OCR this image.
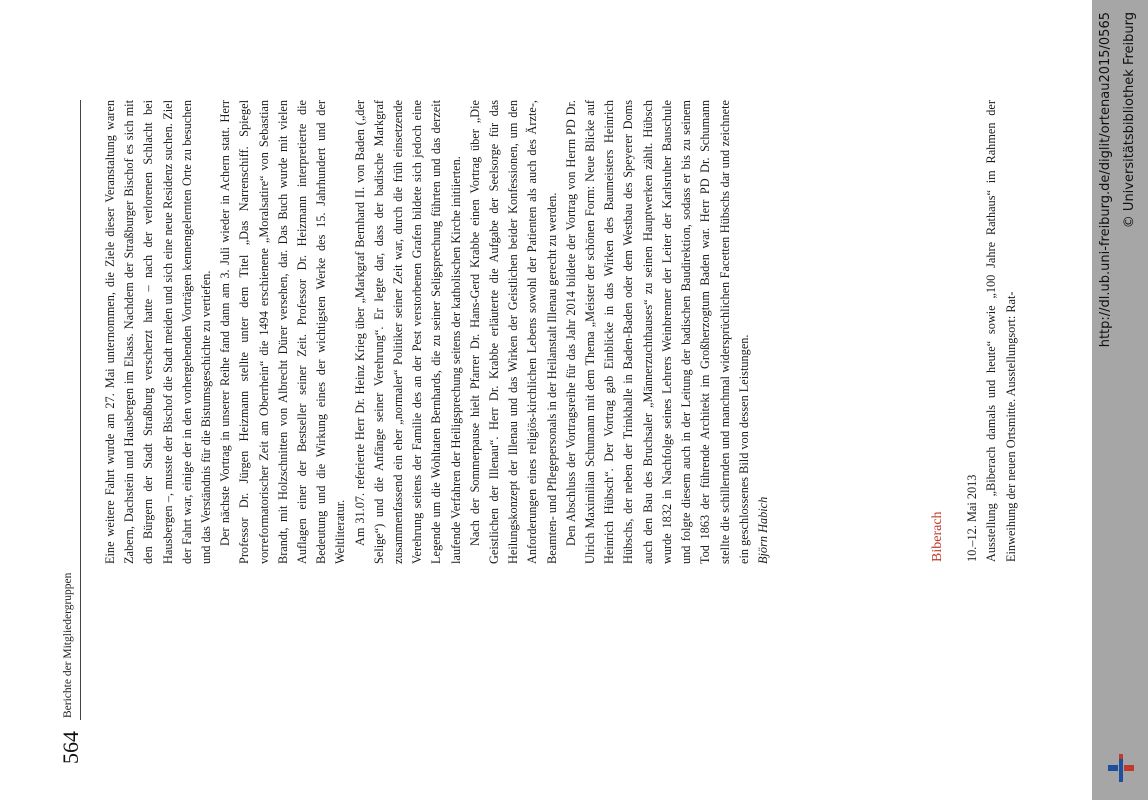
564
Berichte der Mitgliedergruppen

Eine weitere Fahrt wurde am 27. Mai unternommen, die Ziele dieser Veranstaltung waren Zabern, Dachstein und Hausbergen im Elsass. Nachdem der Straßburger Bischof es sich mit den Bürgern der Stadt Straßburg verscherzt hatte – nach der verlorenen Schlacht bei Hausbergen –, musste der Bischof die Stadt meiden und sich eine neue Residenz suchen. Ziel der Fahrt war, einige der in den vorhergehenden Vorträgen kennengelernten Orte zu besuchen und das Verständnis für die Bistumsgeschichte zu vertiefen. Der nächste Vortrag in unserer Reihe fand dann am 3. Juli wieder in Achern statt. Herr Professor Dr. Jürgen Heizmann stellte unter dem Titel „Das Narrenschiff. Spiegel vorreformatorischer Zeit am Oberrhein“ die 1494 erschienene „Moralsatire“ von Sebastian Brandt, mit Holzschnitten von Albrecht Dürer versehen, dar. Das Buch wurde mit vielen Auflagen einer der Bestseller seiner Zeit. Professor Dr. Heizmann interpretierte die Bedeutung und die Wirkung eines der wichtigsten Werke des 15. Jahrhundert und der Weltliteratur. Am 31.07. referierte Herr Dr. Heinz Krieg über „Markgraf Bernhard II. von Baden („der Selige“) und die Anfänge seiner Verehrung“. Er legte dar, dass der badische Markgraf zusammenfassend ein eher „normaler“ Politiker seiner Zeit war, durch die früh einsetzende Verehrung seitens der Familie des an der Pest verstorbenen Grafen bildete sich jedoch eine Legende um die Wohltaten Bernhards, die zu seiner Seligsprechung führten und das derzeit laufende Verfahren der Heiligsprechung seitens der katholischen Kirche initiierten. Nach der Sommerpause hielt Pfarrer Dr. Hans-Gerd Krabbe einen Vortrag über „Die Geistlichen der Illenau“. Herr Dr. Krabbe erläuterte die Aufgabe der Seelsorge für das Heilungskonzept der Illenau und das Wirken der Geistlichen beider Konfessionen, um den Anforderungen eines religiös-kirchlichen Lebens sowohl der Patienten als auch des Ärzte-, Beamten- und Pflegepersonals in der Heilanstalt Illenau gerecht zu werden. Den Abschluss der Vortragsreihe für das Jahr 2014 bildete der Vortrag von Herrn PD Dr. Ulrich Maximilian Schumann mit dem Thema „Meister der schönen Form: Neue Blicke auf Heinrich Hübsch“. Der Vortrag gab Einblicke in das Wirken des Baumeisters Heinrich Hübschs, der neben der Trinkhalle in Baden-Baden oder dem Westbau des Speyerer Doms auch den Bau des Bruchsaler „Männerzuchthauses“ zu seinen Hauptwerken zählt. Hübsch wurde 1832 in Nachfolge seines Lehrers Weinbrenner der Leiter der Karlsruher Bauschule und folgte diesem auch in der Leitung der badischen Baudirektion, sodass er bis zu seinem Tod 1863 der führende Architekt im Großherzogtum Baden war. Herr PD Dr. Schumann stellte die schillernden und manchmal widersprüchlichen Facetten Hübschs dar und zeichnete ein geschlossenes Bild von dessen Leistungen. Björn Habich	Biberach 10.–12. Mai 2013 Ausstellung „Biberach damals und heute“ sowie „100 Jahre Rathaus“ im Rahmen der Einweihung der neuen Ortsmitte. Ausstellungsort: Rat-

http://dl.ub.uni-freiburg.de/diglit/ortenau2015/0565 © Universitätsbibliothek Freiburg
